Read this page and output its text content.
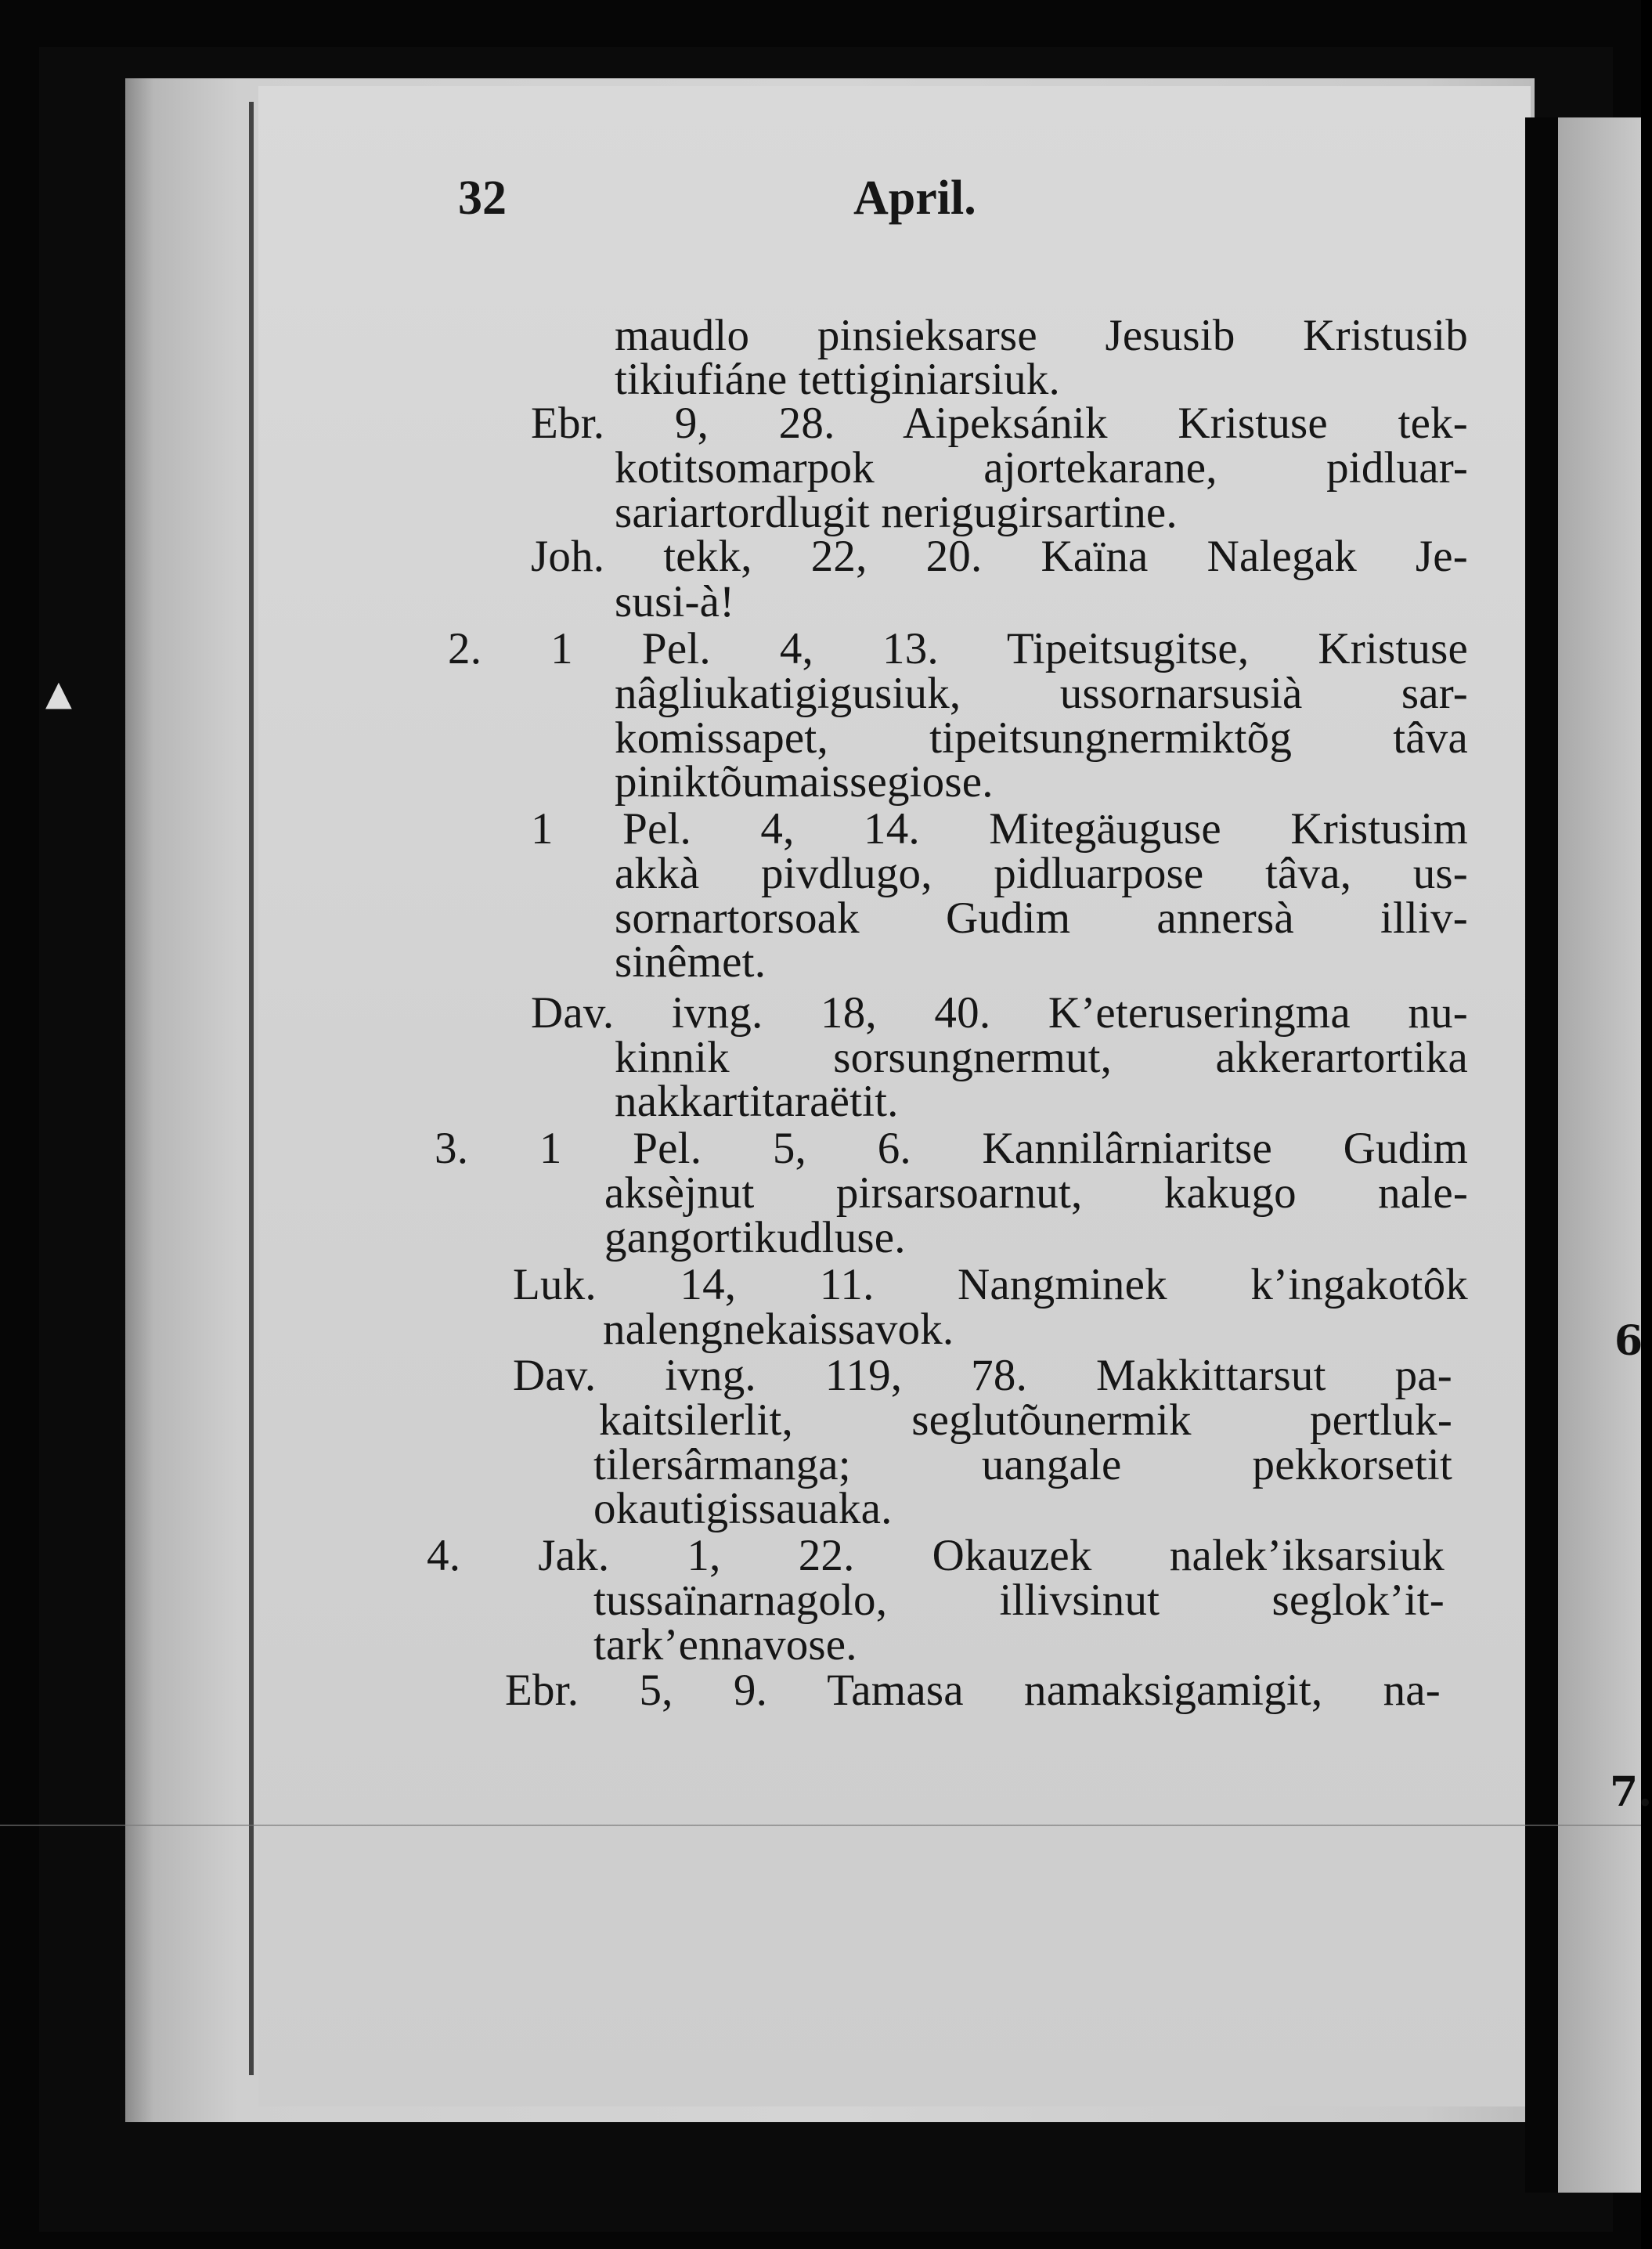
▲
6
7.
32	April.
maudlo pinsieksarse Jesusib Kristusib
tikiufiáne tettiginiarsiuk.
Ebr. 9, 28. Aipeksánik Kristuse tek-
kotitsomarpok ajortekarane, pidluar-
sariartordlugit nerigugirsartine.
Joh. tekk, 22, 20. Kaïna Nalegak Je-
susi-à!
2. 1 Pel. 4, 13. Tipeitsugitse, Kristuse
nâgliukatigigusiuk, ussornarsusià sar-
komissapet, tipeitsungnermiktõg tâva
piniktõumaissegiose.
1 Pel. 4, 14. Mitegäuguse Kristusim
akkà pivdlugo, pidluarpose tâva, us-
sornartorsoak Gudim annersà illiv-
sinêmet.
Dav. ivng. 18, 40. K’eteruseringma nu-
kinnik sorsungnermut, akkerartortika
nakkartitaraëtit.
3. 1 Pel. 5, 6. Kannilârniaritse Gudim
aksèjnut pirsarsoarnut, kakugo nale-
gangortikudluse.
Luk. 14, 11. Nangminek k’ingakotôk
nalengnekaissavok.
Dav. ivng. 119, 78. Makkittarsut pa-
kaitsilerlit, seglutõunermik pertluk-
tilersârmanga; uangale pekkorsetit
okautigissauaka.
4. Jak. 1, 22. Okauzek nalek’iksarsiuk
tussaïnarnagolo, illivsinut seglok’it-
tark’ennavose.
Ebr. 5, 9. Tamasa namaksigamigit, na-
